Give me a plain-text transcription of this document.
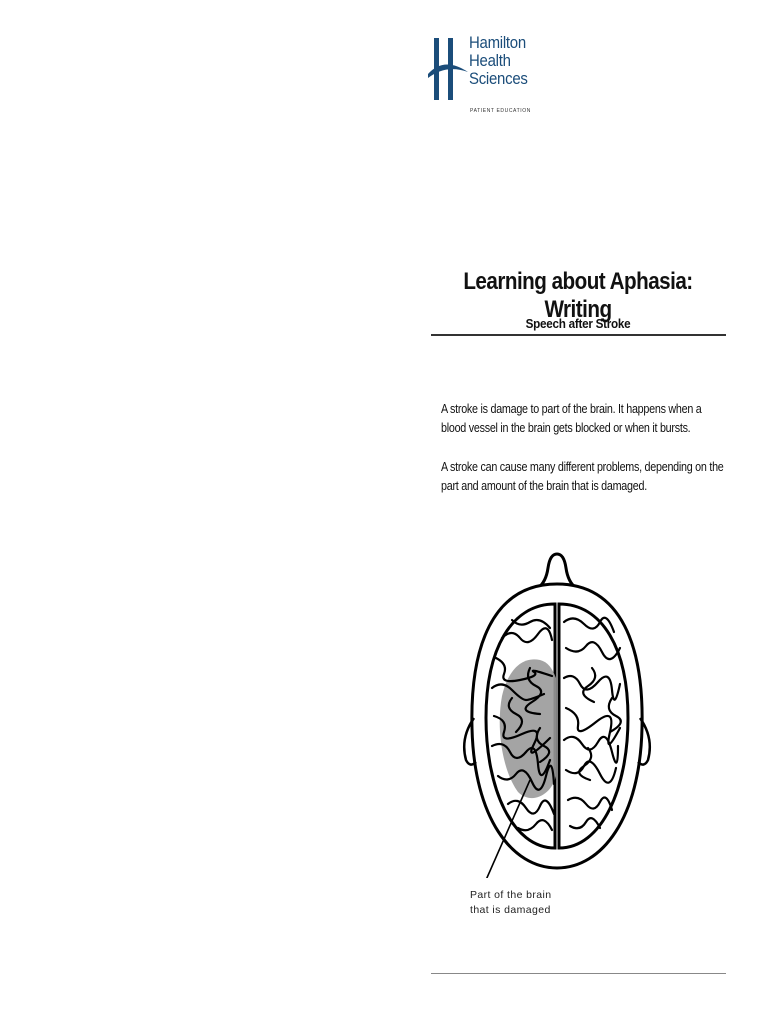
Hamilton
Health
Sciences
PATIENT EDUCATION
Learning about Aphasia: Writing
Speech after Stroke

A stroke is damage to part of the brain. It happens when a blood vessel in the brain gets blocked or when it bursts.

A stroke can cause many different problems, depending on the part and amount of the brain that is damaged.

Part of the brain
that is damaged
